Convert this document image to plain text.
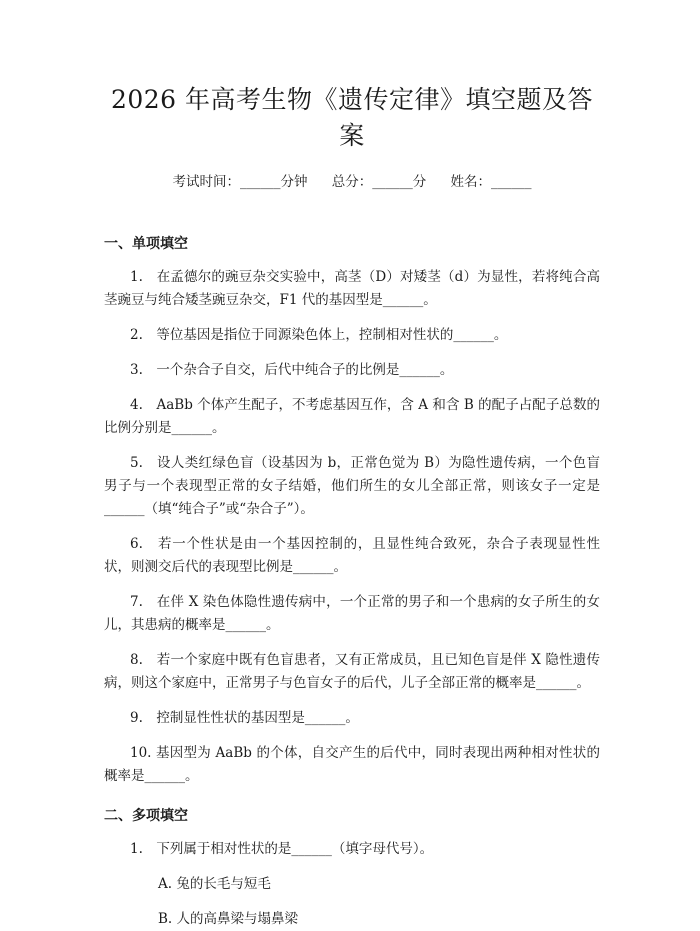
2026 年高考生物《遗传定律》填空题及答案
考试时间：______分钟 总分：______分 姓名：______
一、单项填空

1.　在孟德尔的豌豆杂交实验中，高茎（D）对矮茎（d）为显性，若将纯合高茎豌豆与纯合矮茎豌豆杂交，F1 代的基因型是______。

2.　等位基因是指位于同源染色体上，控制相对性状的______。

3.　一个杂合子自交，后代中纯合子的比例是______。

4.　AaBb 个体产生配子，不考虑基因互作，含 A 和含 B 的配子占配子总数的比例分别是______。

5.　设人类红绿色盲（设基因为 b，正常色觉为 B）为隐性遗传病，一个色盲男子与一个表现型正常的女子结婚，他们所生的女儿全部正常，则该女子一定是______（填“纯合子”或“杂合子”）。

6.　若一个性状是由一个基因控制的，且显性纯合致死，杂合子表现显性性状，则测交后代的表现型比例是______。

7.　在伴 X 染色体隐性遗传病中，一个正常的男子和一个患病的女子所生的女儿，其患病的概率是______。

8.　若一个家庭中既有色盲患者，又有正常成员，且已知色盲是伴 X 隐性遗传病，则这个家庭中，正常男子与色盲女子的后代，儿子全部正常的概率是______。

9.　控制显性性状的基因型是______。

10. 基因型为 AaBb 的个体，自交产生的后代中，同时表现出两种相对性状的概率是______。

二、多项填空

1.　下列属于相对性状的是______（填字母代号）。

A. 兔的长毛与短毛

B. 人的高鼻梁与塌鼻梁
